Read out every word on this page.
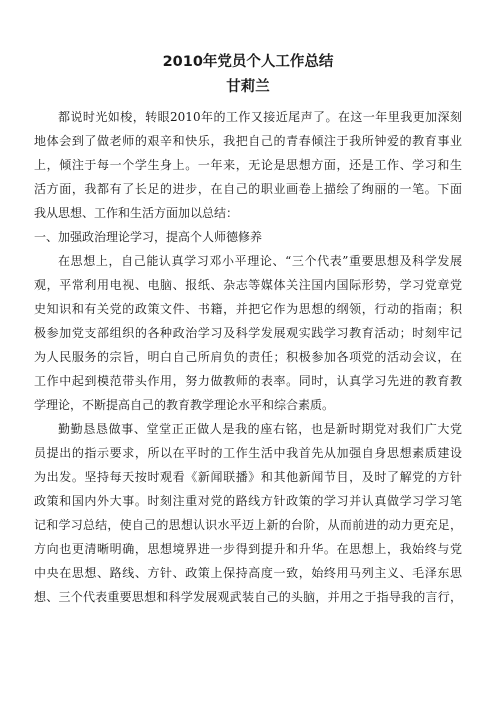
2010年党员个人工作总结
甘莉兰
都说时光如梭，转眼2010年的工作又接近尾声了。在这一年里我更加深刻
地体会到了做老师的艰辛和快乐，我把自己的青春倾注于我所钟爱的教育事业
上，倾注于每一个学生身上。一年来，无论是思想方面，还是工作、学习和生
活方面，我都有了长足的进步，在自己的职业画卷上描绘了绚丽的一笔。下面
我从思想、工作和生活方面加以总结：
一、加强政治理论学习，提高个人师德修养
在思想上，自己能认真学习邓小平理论、“三个代表”重要思想及科学发展
观，平常利用电视、电脑、报纸、杂志等媒体关注国内国际形势，学习党章党
史知识和有关党的政策文件、书籍，并把它作为思想的纲领，行动的指南；积
极参加党支部组织的各种政治学习及科学发展观实践学习教育活动；时刻牢记
为人民服务的宗旨，明白自己所肩负的责任；积极参加各项党的活动会议，在
工作中起到模范带头作用，努力做教师的表率。同时，认真学习先进的教育教
学理论，不断提高自己的教育教学理论水平和综合素质。
勤勤恳恳做事、堂堂正正做人是我的座右铭，也是新时期党对我们广大党
员提出的指示要求，所以在平时的工作生活中我首先从加强自身思想素质建设
为出发。坚持每天按时观看《新闻联播》和其他新闻节目，及时了解党的方针
政策和国内外大事。时刻注重对党的路线方针政策的学习并认真做学习学习笔
记和学习总结，使自己的思想认识水平迈上新的台阶，从而前进的动力更充足，
方向也更清晰明确，思想境界进一步得到提升和升华。在思想上，我始终与党
中央在思想、路线、方针、政策上保持高度一致，始终用马列主义、毛泽东思
想、三个代表重要思想和科学发展观武装自己的头脑，并用之于指导我的言行，
